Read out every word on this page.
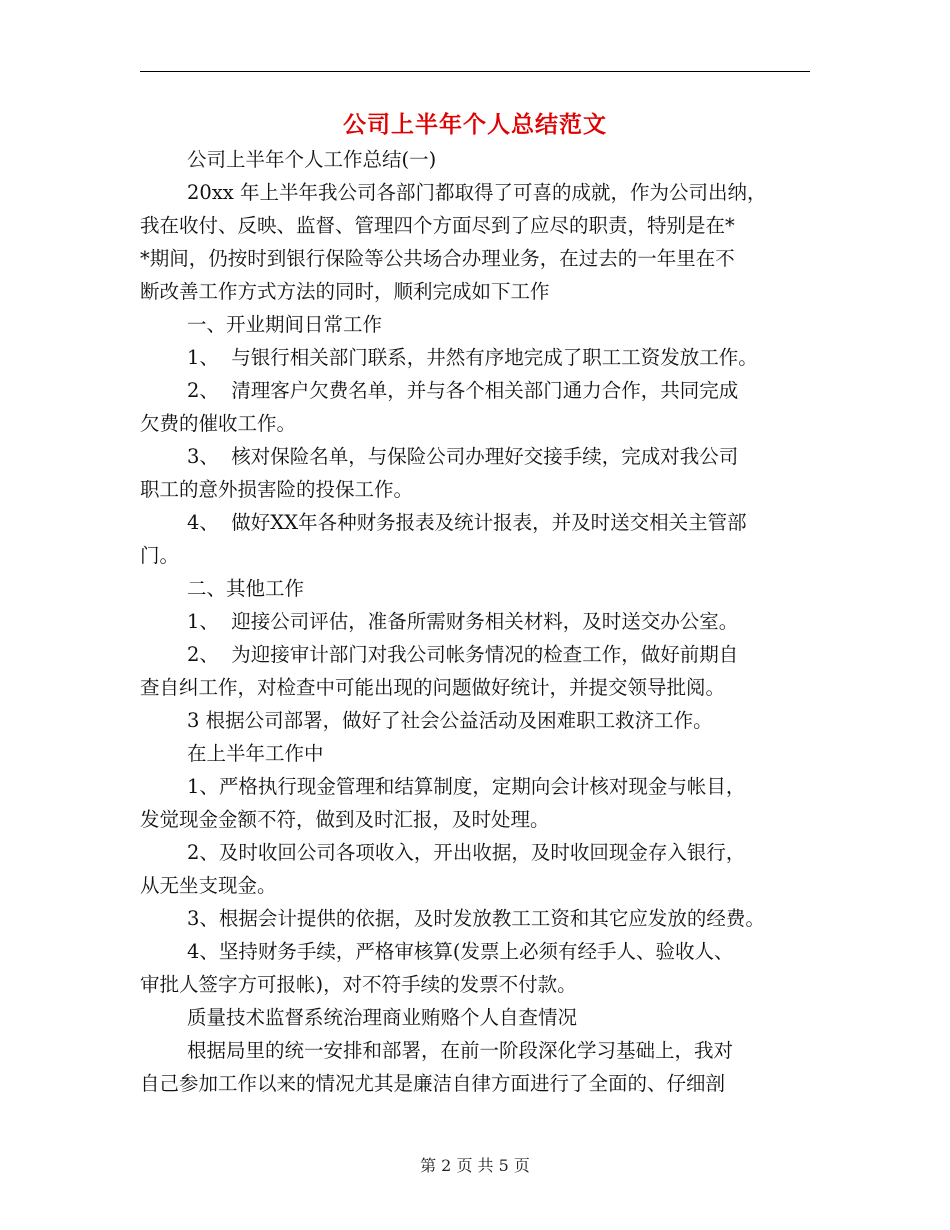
公司上半年个人总结范文
公司上半年个人工作总结(一)
20xx 年上半年我公司各部门都取得了可喜的成就，作为公司出纳，
我在收付、反映、监督、管理四个方面尽到了应尽的职责，特别是在*
*期间，仍按时到银行保险等公共场合办理业务，在过去的一年里在不
断改善工作方式方法的同时，顺利完成如下工作
一、开业期间日常工作
1、  与银行相关部门联系，井然有序地完成了职工工资发放工作。
2、  清理客户欠费名单，并与各个相关部门通力合作，共同完成
欠费的催收工作。
3、  核对保险名单，与保险公司办理好交接手续，完成对我公司
职工的意外损害险的投保工作。
4、  做好XX年各种财务报表及统计报表，并及时送交相关主管部
门。
二、其他工作
1、  迎接公司评估，准备所需财务相关材料，及时送交办公室。
2、  为迎接审计部门对我公司帐务情况的检查工作，做好前期自
查自纠工作，对检查中可能出现的问题做好统计，并提交领导批阅。
3 根据公司部署，做好了社会公益活动及困难职工救济工作。
在上半年工作中
1、严格执行现金管理和结算制度，定期向会计核对现金与帐目，
发觉现金金额不符，做到及时汇报，及时处理。
2、及时收回公司各项收入，开出收据，及时收回现金存入银行，
从无坐支现金。
3、根据会计提供的依据，及时发放教工工资和其它应发放的经费。
4、坚持财务手续，严格审核算(发票上必须有经手人、验收人、
审批人签字方可报帐)，对不符手续的发票不付款。
质量技术监督系统治理商业贿赂个人自查情况
根据局里的统一安排和部署，在前一阶段深化学习基础上，我对
自己参加工作以来的情况尤其是廉洁自律方面进行了全面的、仔细剖
第 2 页 共 5 页
